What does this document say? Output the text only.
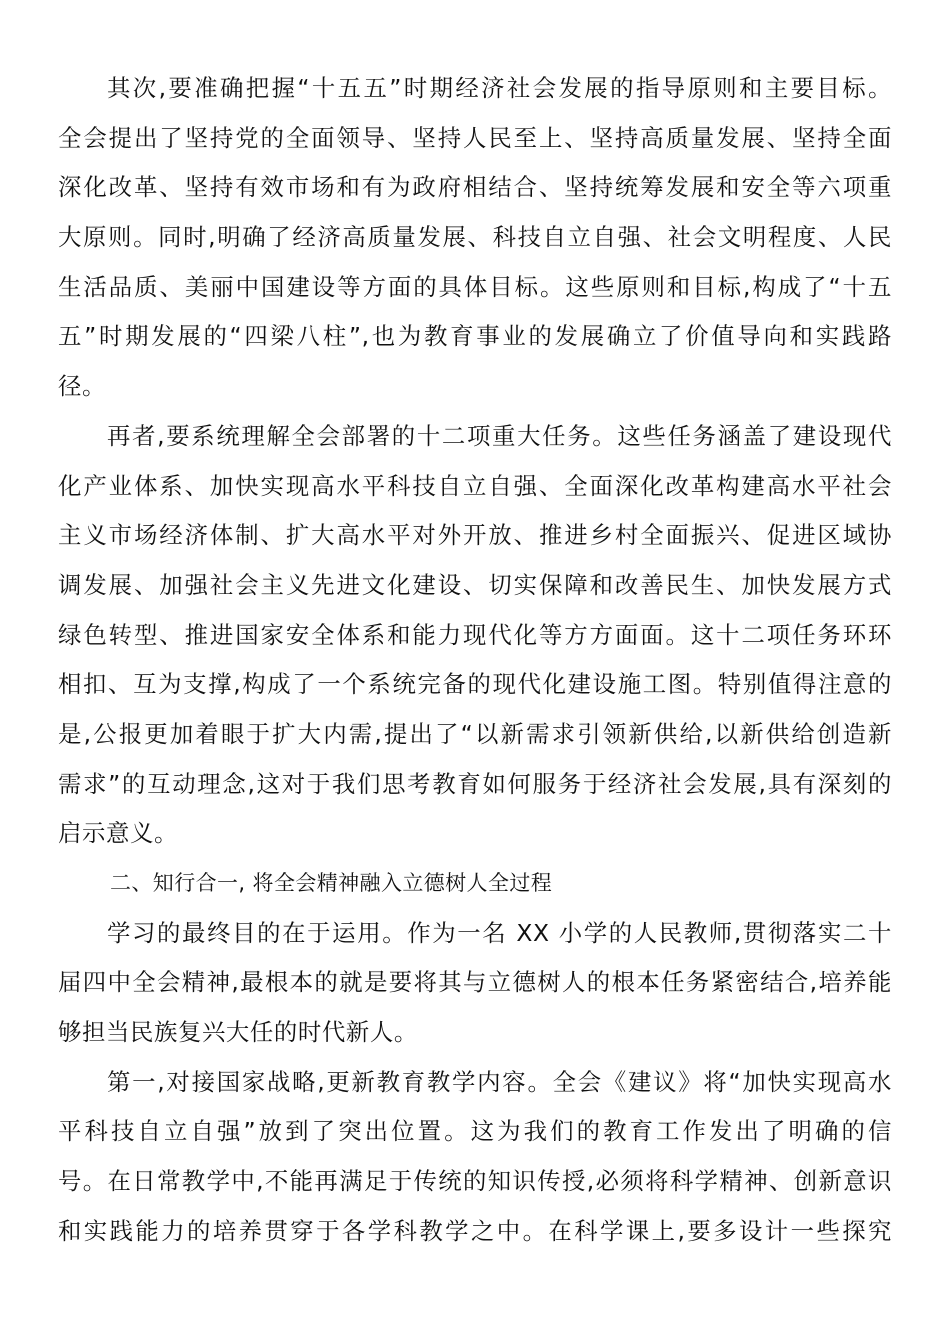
其次,要准确把握“十五五”时期经济社会发展的指导原则和主要目标。
全会提出了坚持党的全面领导、坚持人民至上、坚持高质量发展、坚持全面
深化改革、坚持有效市场和有为政府相结合、坚持统筹发展和安全等六项重
大原则。同时,明确了经济高质量发展、科技自立自强、社会文明程度、人民
生活品质、美丽中国建设等方面的具体目标。这些原则和目标,构成了“十五
五”时期发展的“四梁八柱”,也为教育事业的发展确立了价值导向和实践路
径。
再者,要系统理解全会部署的十二项重大任务。这些任务涵盖了建设现代
化产业体系、加快实现高水平科技自立自强、全面深化改革构建高水平社会
主义市场经济体制、扩大高水平对外开放、推进乡村全面振兴、促进区域协
调发展、加强社会主义先进文化建设、切实保障和改善民生、加快发展方式
绿色转型、推进国家安全体系和能力现代化等方方面面。这十二项任务环环
相扣、互为支撑,构成了一个系统完备的现代化建设施工图。特别值得注意的
是,公报更加着眼于扩大内需,提出了“以新需求引领新供给,以新供给创造新
需求”的互动理念,这对于我们思考教育如何服务于经济社会发展,具有深刻的
启示意义。
二、知行合一, 将全会精神融入立德树人全过程
学习的最终目的在于运用。作为一名 XX 小学的人民教师,贯彻落实二十
届四中全会精神,最根本的就是要将其与立德树人的根本任务紧密结合,培养能
够担当民族复兴大任的时代新人。
第一,对接国家战略,更新教育教学内容。全会《建议》将“加快实现高水
平科技自立自强”放到了突出位置。这为我们的教育工作发出了明确的信
号。在日常教学中,不能再满足于传统的知识传授,必须将科学精神、创新意识
和实践能力的培养贯穿于各学科教学之中。在科学课上,要多设计一些探究
